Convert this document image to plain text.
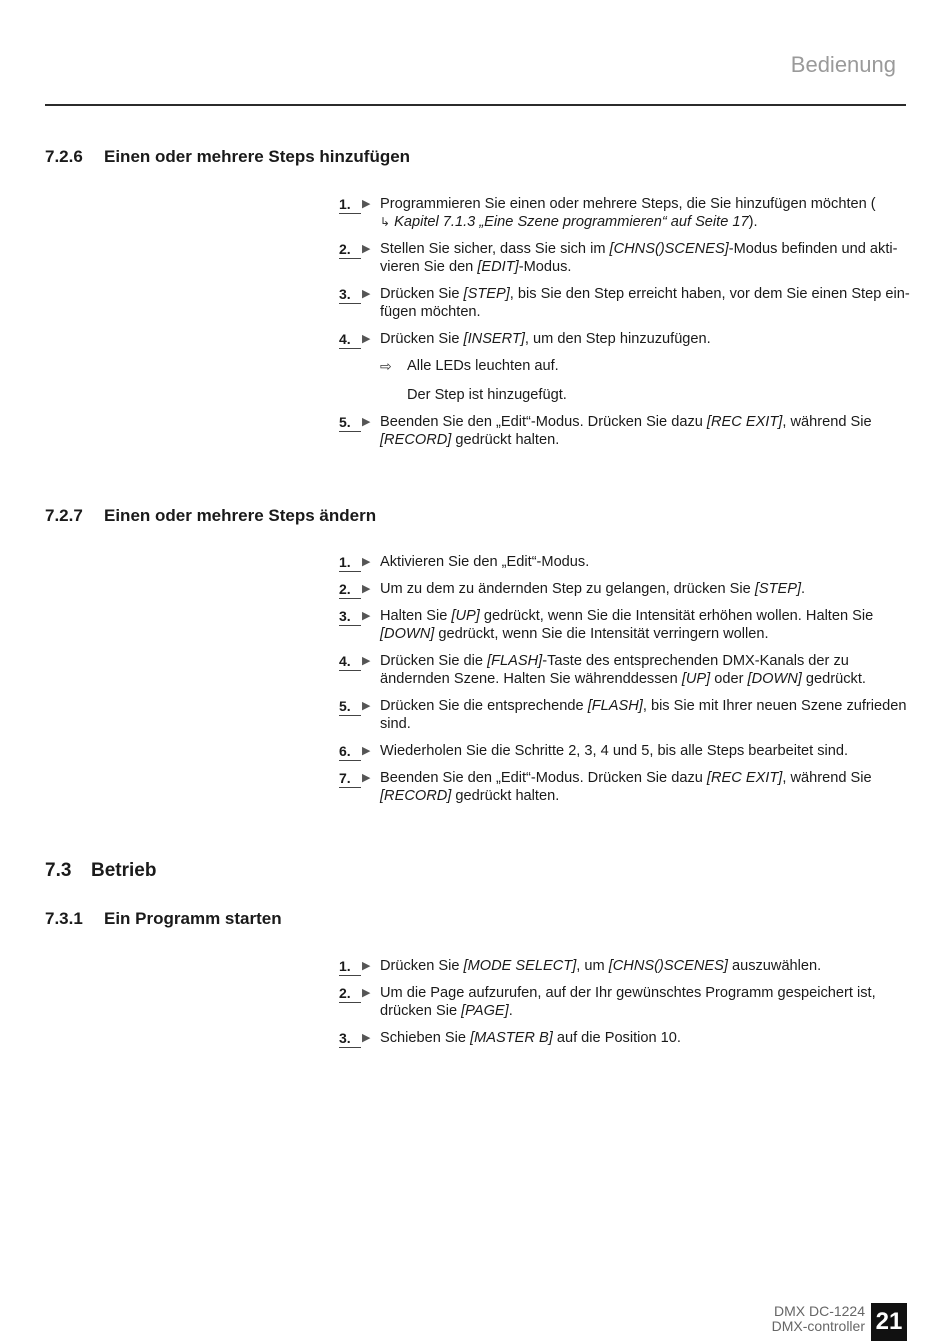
Bedienung
7.2.6 Einen oder mehrere Steps hinzufügen
1.	▶ Programmieren Sie einen oder mehrere Steps, die Sie hinzufügen möchten (
↳ Kapitel 7.1.3 „Eine Szene programmieren“ auf Seite 17).
2.	▶ Stellen Sie sicher, dass Sie sich im [CHNS()SCENES]-Modus befinden und akti-vieren Sie den [EDIT]-Modus.
3.	▶ Drücken Sie [STEP], bis Sie den Step erreicht haben, vor dem Sie einen Step ein-fügen möchten.
4.	▶ Drücken Sie [INSERT], um den Step hinzuzufügen.
⇨ Alle LEDs leuchten auf.
Der Step ist hinzugefügt.
5.	▶ Beenden Sie den „Edit“-Modus. Drücken Sie dazu [REC EXIT], während Sie [RECORD] gedrückt halten.
7.2.7 Einen oder mehrere Steps ändern
1.	▶ Aktivieren Sie den „Edit“-Modus.
2.	▶ Um zu dem zu ändernden Step zu gelangen, drücken Sie [STEP].
3.	▶ Halten Sie [UP] gedrückt, wenn Sie die Intensität erhöhen wollen. Halten Sie [DOWN] gedrückt, wenn Sie die Intensität verringern wollen.
4.	▶ Drücken Sie die [FLASH]-Taste des entsprechenden DMX-Kanals der zu ändernden Szene. Halten Sie währenddessen [UP] oder [DOWN] gedrückt.
5.	▶ Drücken Sie die entsprechende [FLASH], bis Sie mit Ihrer neuen Szene zufrieden sind.
6.	▶ Wiederholen Sie die Schritte 2, 3, 4 und 5, bis alle Steps bearbeitet sind.
7.	▶ Beenden Sie den „Edit“-Modus. Drücken Sie dazu [REC EXIT], während Sie [RECORD] gedrückt halten.
7.3 Betrieb
7.3.1 Ein Programm starten
1.	▶ Drücken Sie [MODE SELECT], um [CHNS()SCENES] auszuwählen.
2.	▶ Um die Page aufzurufen, auf der Ihr gewünschtes Programm gespeichert ist, drücken Sie [PAGE].
3.	▶ Schieben Sie [MASTER B] auf die Position 10.
DMX DC-1224
DMX-controller 21
